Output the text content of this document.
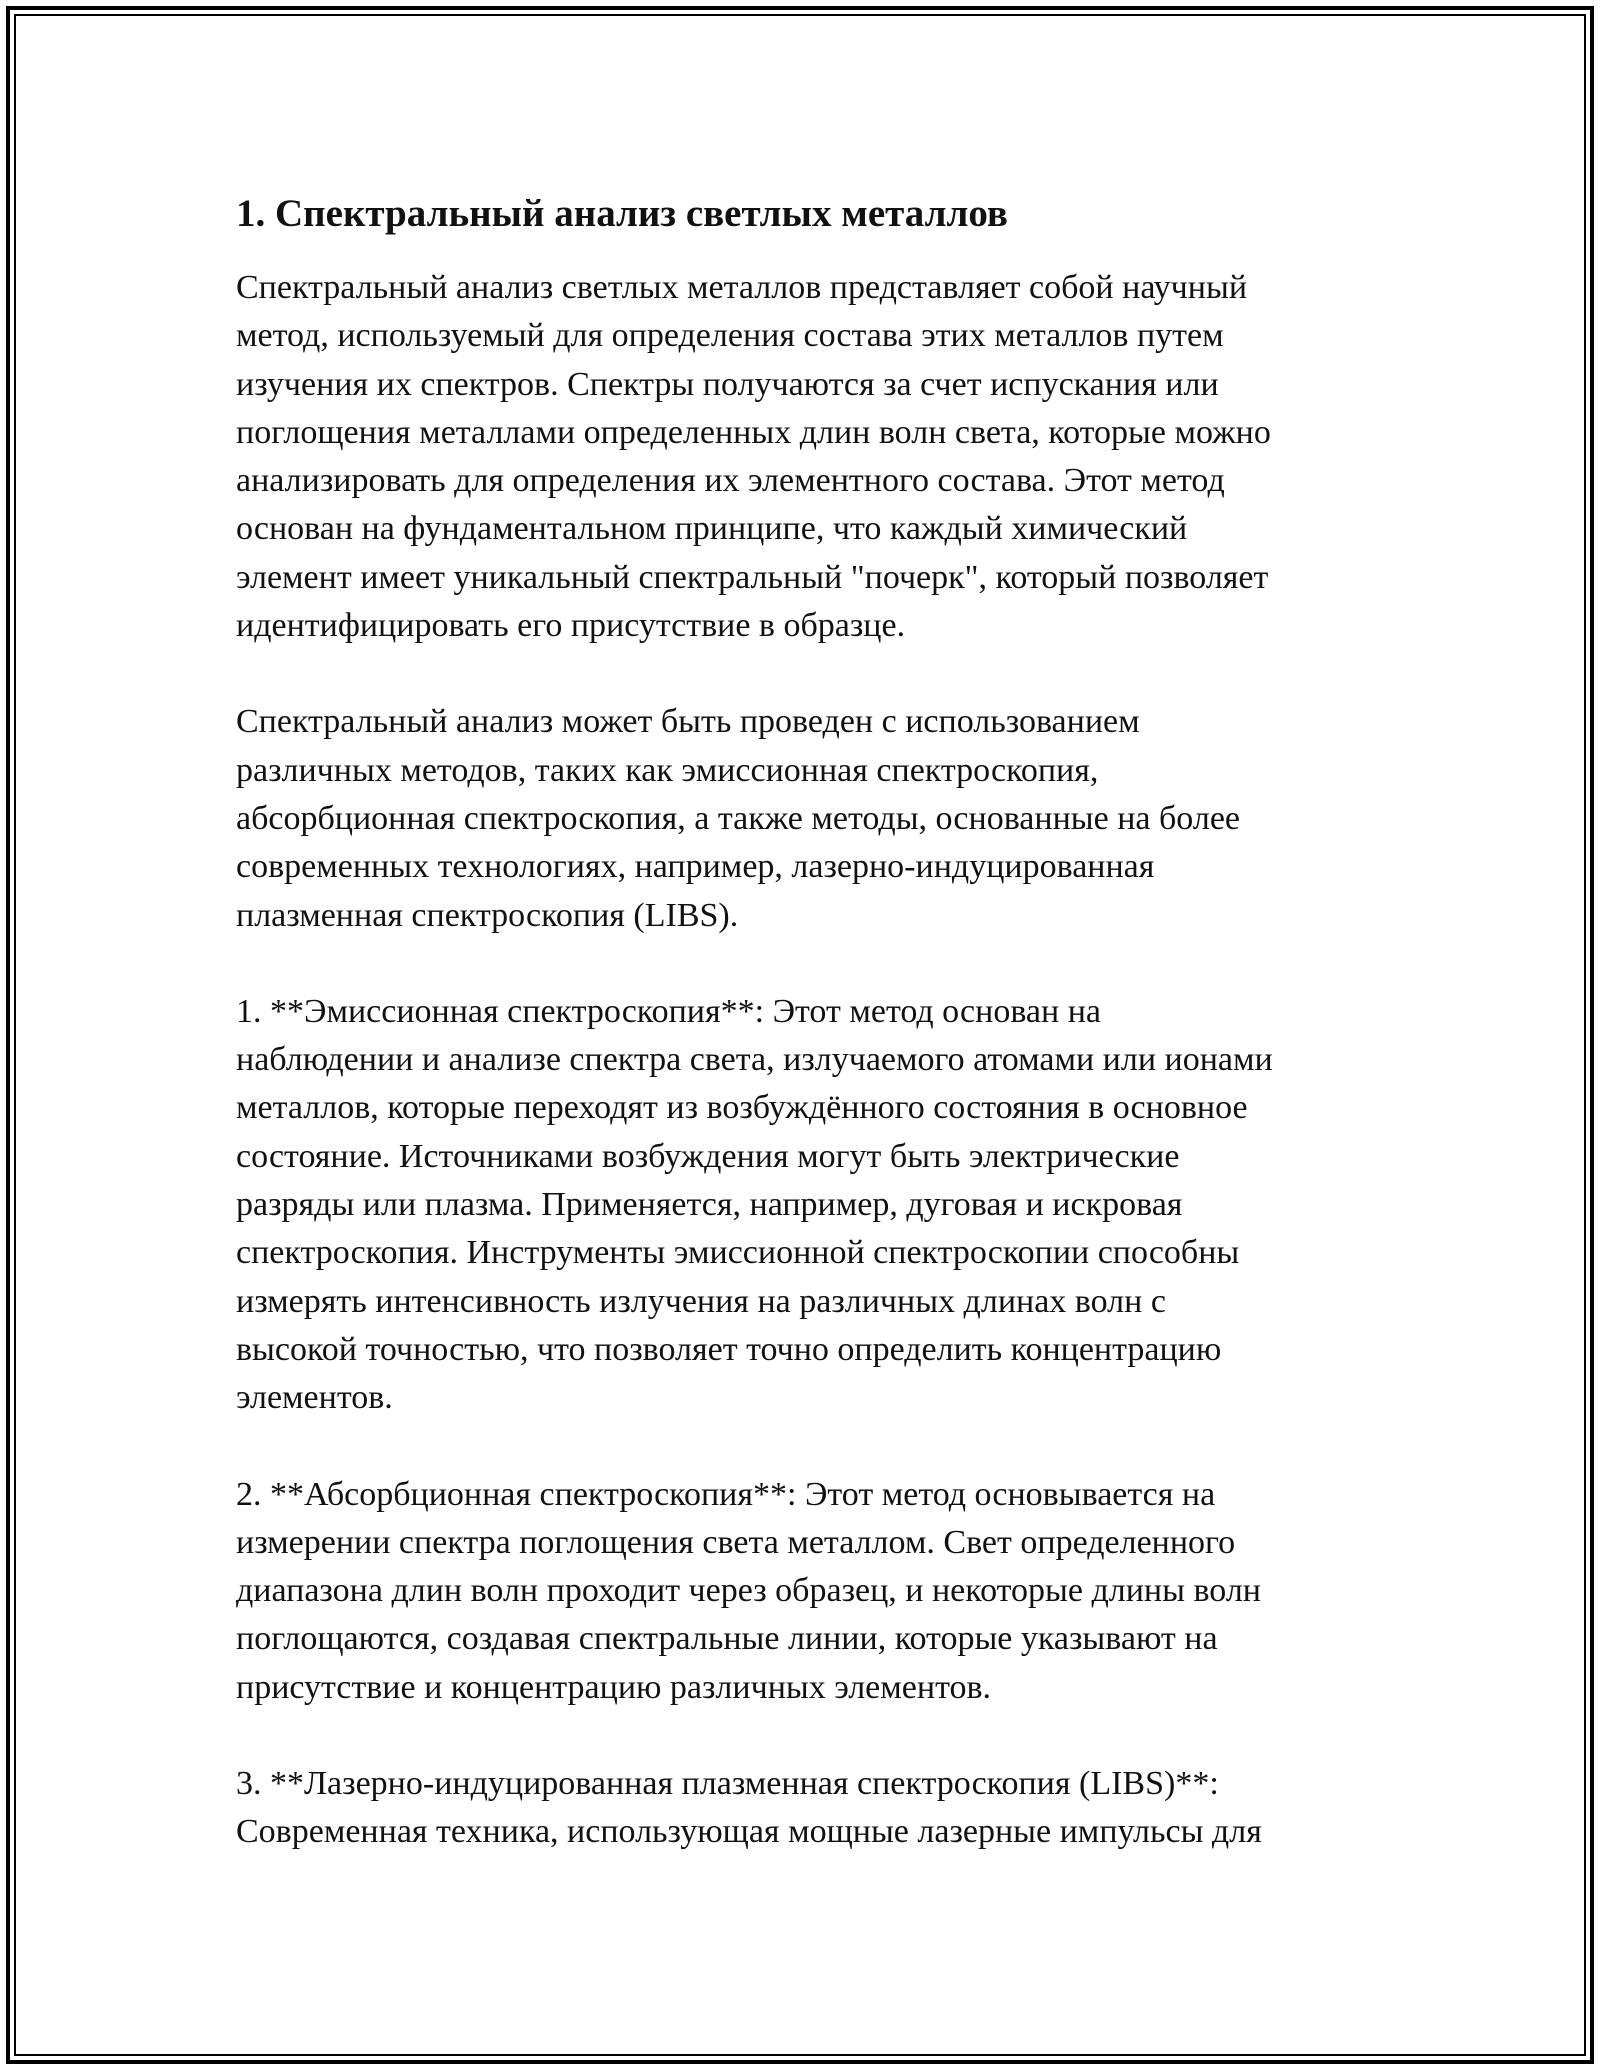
1. Спектральный анализ светлых металлов
Спектральный анализ светлых металлов представляет собой научный
метод, используемый для определения состава этих металлов путем
изучения их спектров. Спектры получаются за счет испускания или
поглощения металлами определенных длин волн света, которые можно
анализировать для определения их элементного состава. Этот метод
основан на фундаментальном принципе, что каждый химический
элемент имеет уникальный спектральный "почерк", который позволяет
идентифицировать его присутствие в образце.
Спектральный анализ может быть проведен с использованием
различных методов, таких как эмиссионная спектроскопия,
абсорбционная спектроскопия, а также методы, основанные на более
современных технологиях, например, лазерно-индуцированная
плазменная спектроскопия (LIBS).
1. **Эмиссионная спектроскопия**: Этот метод основан на
наблюдении и анализе спектра света, излучаемого атомами или ионами
металлов, которые переходят из возбуждённого состояния в основное
состояние. Источниками возбуждения могут быть электрические
разряды или плазма. Применяется, например, дуговая и искровая
спектроскопия. Инструменты эмиссионной спектроскопии способны
измерять интенсивность излучения на различных длинах волн с
высокой точностью, что позволяет точно определить концентрацию
элементов.
2. **Абсорбционная спектроскопия**: Этот метод основывается на
измерении спектра поглощения света металлом. Свет определенного
диапазона длин волн проходит через образец, и некоторые длины волн
поглощаются, создавая спектральные линии, которые указывают на
присутствие и концентрацию различных элементов.
3. **Лазерно-индуцированная плазменная спектроскопия (LIBS)**:
Современная техника, использующая мощные лазерные импульсы для
